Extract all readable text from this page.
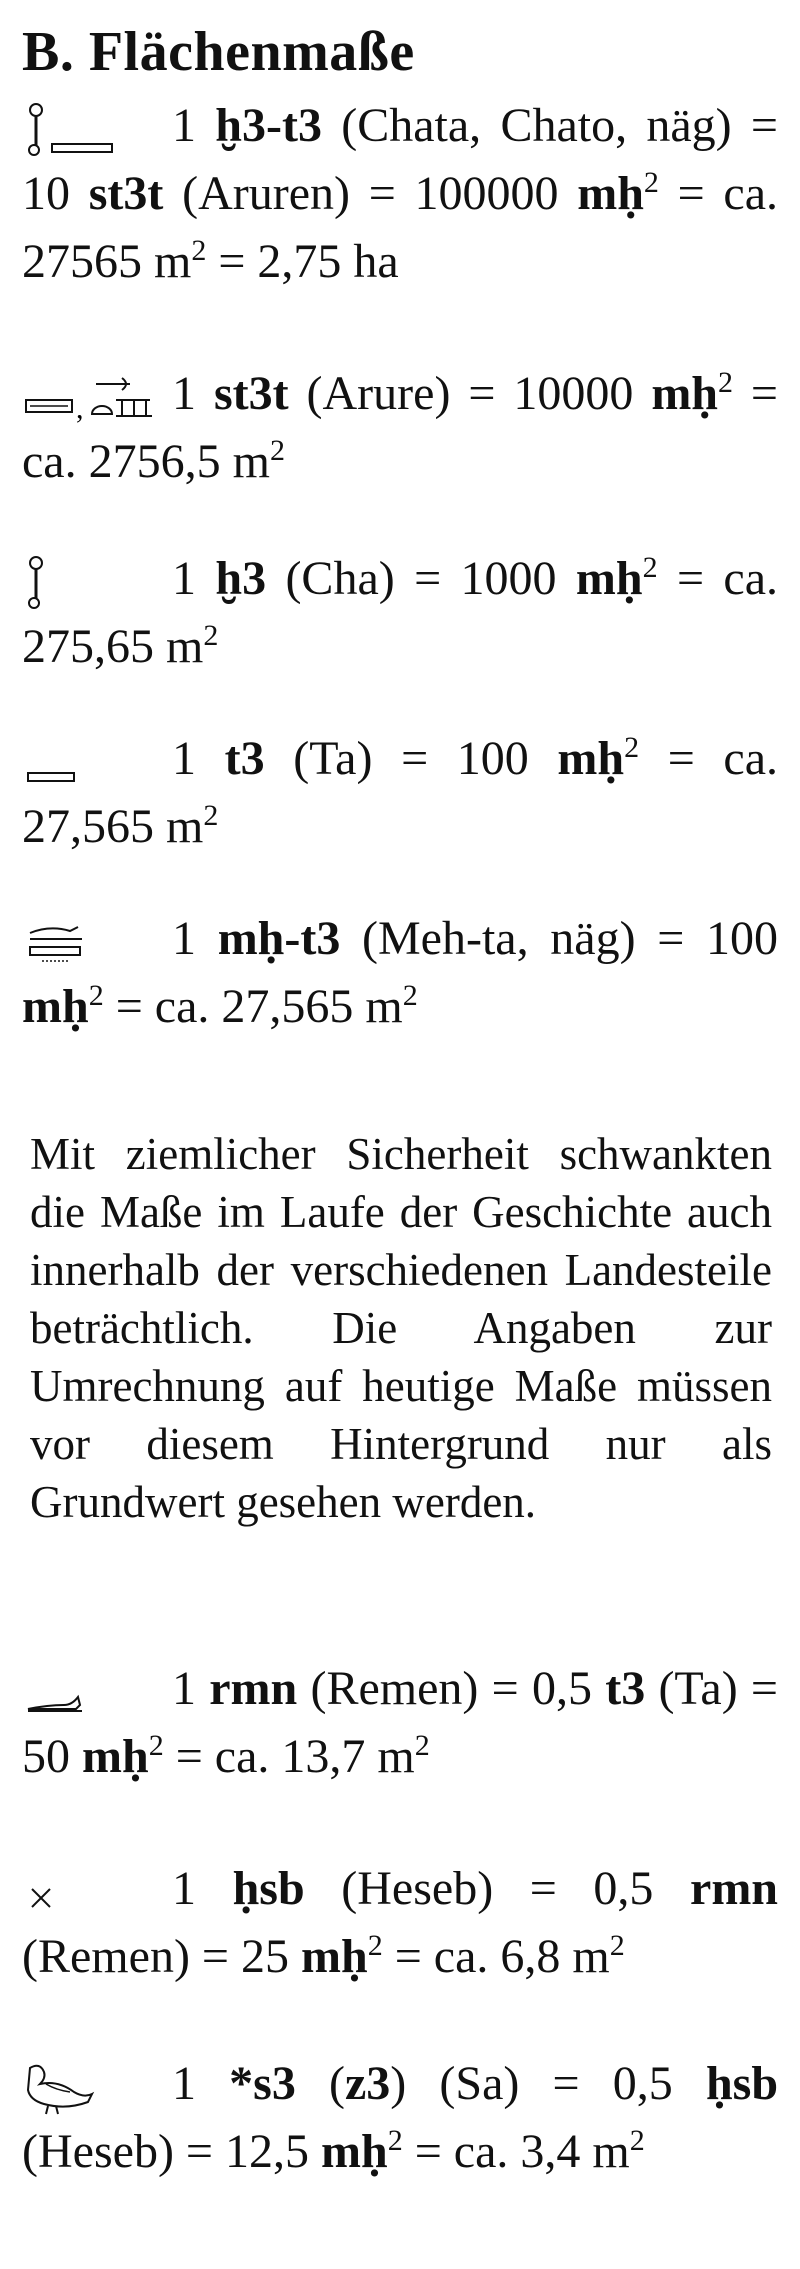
B. Flächenmaße
1 ḫ3-t3 (Chata, Chato, näg) = 10 st3t (Aruren) = 100000 mḥ$^2$ = ca. 27565 $m^2 = 2,75$ ha
, 1 st3t (Arure) = 10000 mḥ$^2$ = ca. 2756,5 $m^2$
1 ḫ3 (Cha) = 1000 mḥ$^2$ = ca. 275,65 $m^2$
1 t3 (Ta) = 100 mḥ$^2$ = ca. 27,565 $m^2$
1 mḥ-t3 (Meh-ta, näg) = 100 mḥ$^2$ = ca. 27,565 $m^2$

Mit ziemlicher Sicherheit schwankten die Maße im Laufe der Geschichte auch innerhalb der verschiedenen Landesteile beträchtlich. Die Angaben zur Umrechnung auf heutige Maße müssen vor diesem Hintergrund nur als Grundwert gesehen werden.

1 rmn (Remen) = 0,5 t3 (Ta) = 50 mḥ$^2$ = ca. 13,7 $m^2$
1 ḥsb (Heseb) = 0,5 rmn (Remen) = 25 mḥ$^2$ = ca. 6,8 $m^2$
1 *s3 (z3) (Sa) = 0,5 ḥsb (Heseb) = 12,5 mḥ$^2$ = ca. 3,4 $m^2$
